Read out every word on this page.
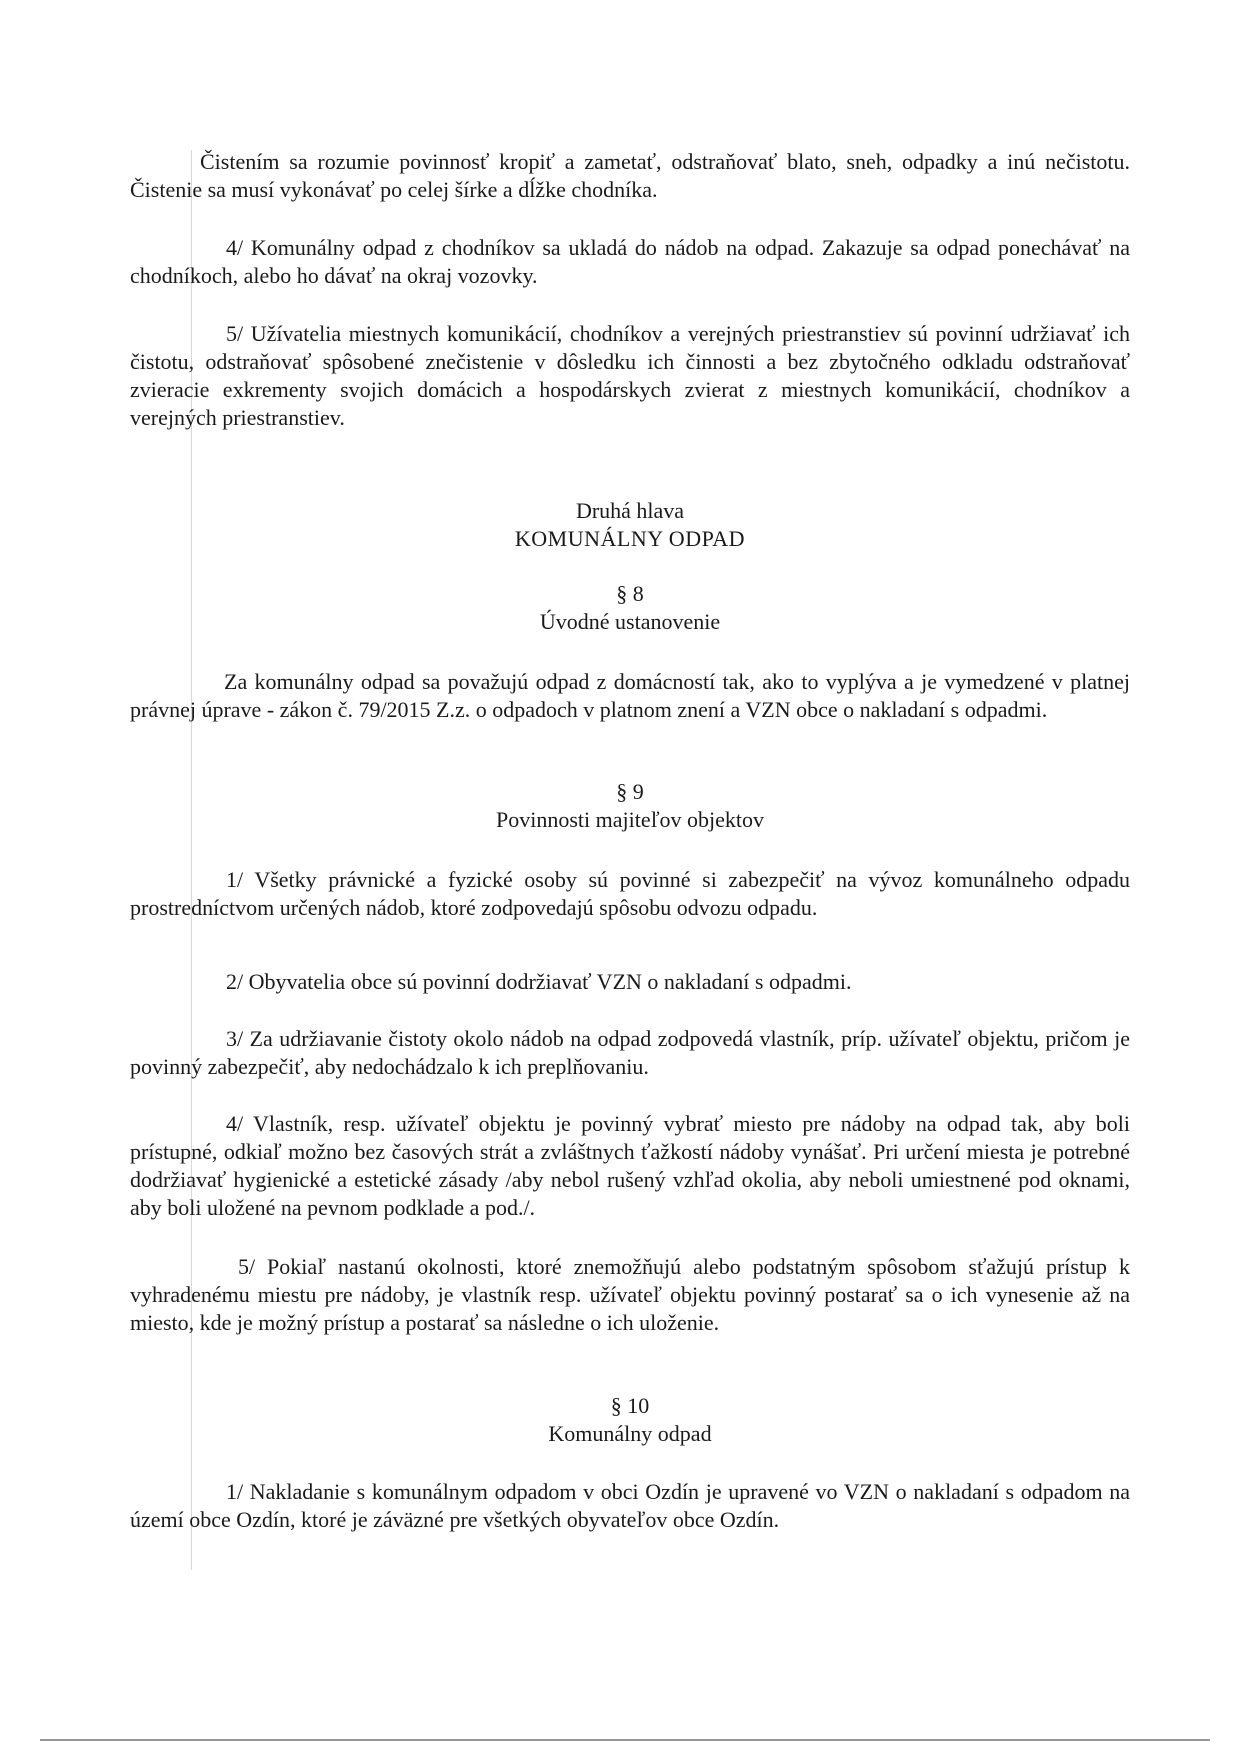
Čistením sa rozumie povinnosť kropiť a zametať, odstraňovať blato, sneh, odpadky a inú nečistotu. Čistenie sa musí vykonávať po celej šírke a dĺžke chodníka.

4/ Komunálny odpad z chodníkov sa ukladá do nádob na odpad. Zakazuje sa odpad ponechávať na chodníkoch, alebo ho dávať na okraj vozovky.

5/ Užívatelia miestnych komunikácií, chodníkov a verejných priestranstiev sú povinní udržiavať ich čistotu, odstraňovať spôsobené znečistenie v dôsledku ich činnosti a bez zbytočného odkladu odstraňovať zvieracie exkrementy svojich domácich a hospodárskych zvierat z miestnych komunikácií, chodníkov a verejných priestranstiev.

Druhá hlava

KOMUNÁLNY ODPAD

§ 8

Úvodné ustanovenie

Za komunálny odpad sa považujú odpad z domácností tak, ako to vyplýva a je vymedzené v platnej právnej úprave - zákon č. 79/2015 Z.z. o odpadoch v platnom znení a VZN obce o nakladaní s odpadmi.

§ 9

Povinnosti majiteľov objektov

1/ Všetky právnické a fyzické osoby sú povinné si zabezpečiť na vývoz komunálneho odpadu prostredníctvom určených nádob, ktoré zodpovedajú spôsobu odvozu odpadu.

2/ Obyvatelia obce sú povinní dodržiavať VZN o nakladaní s odpadmi.

3/ Za udržiavanie čistoty okolo nádob na odpad zodpovedá vlastník, príp. užívateľ objektu, pričom je povinný zabezpečiť, aby nedochádzalo k ich preplňovaniu.

4/ Vlastník, resp. užívateľ objektu je povinný vybrať miesto pre nádoby na odpad tak, aby boli prístupné, odkiaľ možno bez časových strát a zvláštnych ťažkostí nádoby vynášať. Pri určení miesta je potrebné dodržiavať hygienické a estetické zásady /aby nebol rušený vzhľad okolia, aby neboli umiestnené pod oknami, aby boli uložené na pevnom podklade a pod./.

5/ Pokiaľ nastanú okolnosti, ktoré znemožňujú alebo podstatným spôsobom sťažujú prístup k vyhradenému miestu pre nádoby, je vlastník resp. užívateľ objektu povinný postarať sa o ich vynesenie až na miesto, kde je možný prístup a postarať sa následne o ich uloženie.

§ 10

Komunálny odpad

1/ Nakladanie s komunálnym odpadom v obci Ozdín je upravené vo VZN o nakladaní s odpadom na území obce Ozdín, ktoré je záväzné pre všetkých obyvateľov obce Ozdín.
